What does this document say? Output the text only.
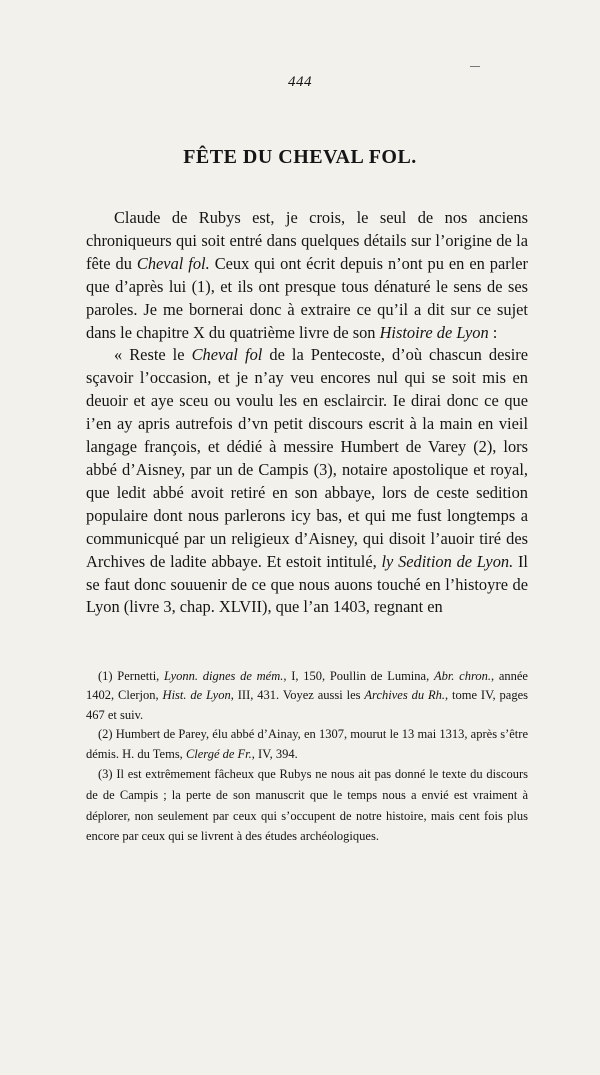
444
FÊTE DU CHEVAL FOL.

Claude de Rubys est, je crois, le seul de nos anciens chroniqueurs qui soit entré dans quelques détails sur l’origine de la fête du Cheval fol. Ceux qui ont écrit depuis n’ont pu en en parler que d’après lui (1), et ils ont presque tous dénaturé le sens de ses paroles. Je me bornerai donc à extraire ce qu’il a dit sur ce sujet dans le chapitre X du quatrième livre de son Histoire de Lyon :

« Reste le Cheval fol de la Pentecoste, d’où chascun desire sçavoir l’occasion, et je n’ay veu encores nul qui se soit mis en deuoir et aye sceu ou voulu les en esclaircir. Ie dirai donc ce que i’en ay apris autrefois d’vn petit discours escrit à la main en vieil langage françois, et dédié à messire Humbert de Varey (2), lors abbé d’Aisney, par un de Campis (3), notaire apostolique et royal, que ledit abbé avoit retiré en son abbaye, lors de ceste sedition populaire dont nous parlerons icy bas, et qui me fust longtemps a communicqué par un religieux d’Aisney, qui disoit l’auoir tiré des Archives de ladite abbaye. Et estoit intitulé, ly Sedition de Lyon. Il se faut donc souuenir de ce que nous auons touché en l’histoyre de Lyon (livre 3, chap. XLVII), que l’an 1403, regnant en

(1) Pernetti, Lyonn. dignes de mém., I, 150, Poullin de Lumina, Abr. chron., année 1402, Clerjon, Hist. de Lyon, III, 431. Voyez aussi les Archives du Rh., tome IV, pages 467 et suiv.

(2) Humbert de Parey, élu abbé d’Ainay, en 1307, mourut le 13 mai 1313, après s’être démis. H. du Tems, Clergé de Fr., IV, 394.

(3) Il est extrêmement fâcheux que Rubys ne nous ait pas donné le texte du discours de de Campis ; la perte de son manuscrit que le temps nous a envié est vraiment à déplorer, non seulement par ceux qui s’occupent de notre histoire, mais cent fois plus encore par ceux qui se livrent à des études archéologiques.
